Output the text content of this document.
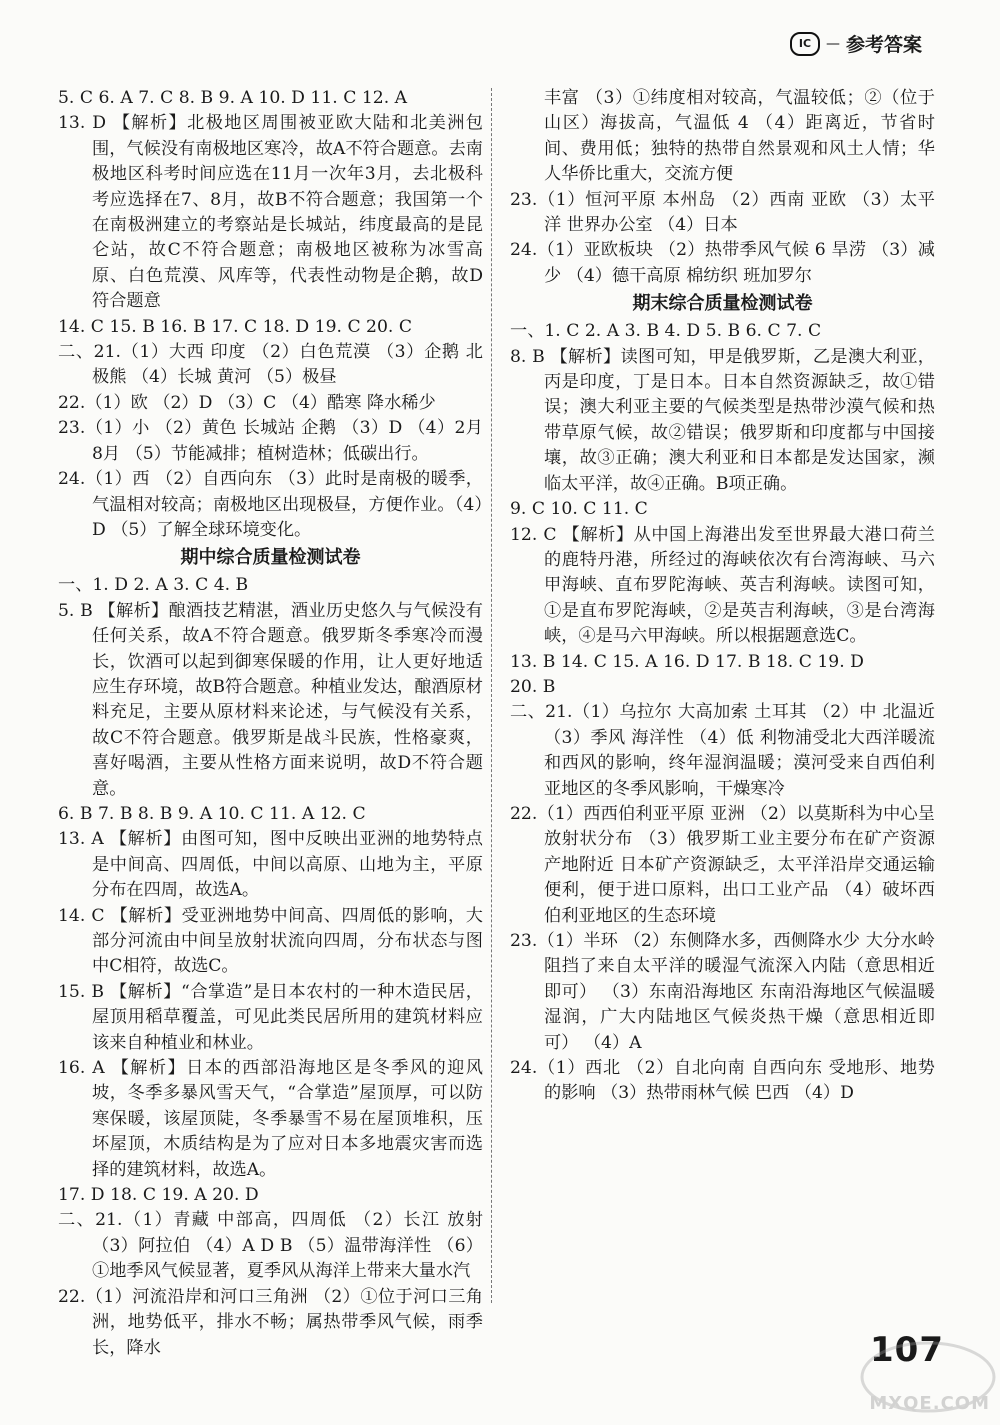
IC	— 参考答案

5. C 6. A 7. C 8. B 9. A 10. D 11. C 12. A

13. D 【解析】北极地区周围被亚欧大陆和北美洲包围，气候没有南极地区寒冷，故A不符合题意。去南极地区科考时间应选在11月一次年3月，去北极科考应选择在7、8月，故B不符合题意；我国第一个在南极洲建立的考察站是长城站，纬度最高的是昆仑站，故C不符合题意；南极地区被称为冰雪高原、白色荒漠、风库等，代表性动物是企鹅，故D符合题意

14. C 15. B 16. B 17. C 18. D 19. C 20. C

二、21.（1）大西 印度 （2）白色荒漠 （3）企鹅 北极熊 （4）长城 黄河 （5）极昼

22.（1）欧 （2）D （3）C （4）酷寒 降水稀少

23.（1）小 （2）黄色 长城站 企鹅 （3）D （4）2月 8月 （5）节能减排；植树造林；低碳出行。

24.（1）西 （2）自西向东 （3）此时是南极的暖季，气温相对较高；南极地区出现极昼，方便作业。（4）D （5）了解全球环境变化。

期中综合质量检测试卷

一、1. D 2. A 3. C 4. B

5. B 【解析】酿酒技艺精湛，酒业历史悠久与气候没有任何关系，故A不符合题意。俄罗斯冬季寒冷而漫长，饮酒可以起到御寒保暖的作用，让人更好地适应生存环境，故B符合题意。种植业发达，酿酒原材料充足，主要从原材料来论述，与气候没有关系，故C不符合题意。俄罗斯是战斗民族，性格豪爽，喜好喝酒，主要从性格方面来说明，故D不符合题意。

6. B 7. B 8. B 9. A 10. C 11. A 12. C

13. A 【解析】由图可知，图中反映出亚洲的地势特点是中间高、四周低，中间以高原、山地为主，平原分布在四周，故选A。

14. C 【解析】受亚洲地势中间高、四周低的影响，大部分河流由中间呈放射状流向四周，分布状态与图中C相符，故选C。

15. B 【解析】“合掌造”是日本农村的一种木造民居，屋顶用稻草覆盖，可见此类民居所用的建筑材料应该来自种植业和林业。

16. A 【解析】日本的西部沿海地区是冬季风的迎风坡，冬季多暴风雪天气，“合掌造”屋顶厚，可以防寒保暖，该屋顶陡，冬季暴雪不易在屋顶堆积，压坏屋顶，木质结构是为了应对日本多地震灾害而选择的建筑材料，故选A。

17. D 18. C 19. A 20. D

二、21.（1）青藏 中部高，四周低 （2）长江 放射 （3）阿拉伯 （4）A D B （5）温带海洋性 （6）①地季风气候显著，夏季风从海洋上带来大量水汽

22.（1）河流沿岸和河口三角洲 （2）①位于河口三角洲，地势低平，排水不畅；属热带季风气候，雨季长，降水

丰富 （3）①纬度相对较高，气温较低；②（位于山区）海拔高，气温低 4 （4）距离近，节省时间、费用低；独特的热带自然景观和风土人情；华人华侨比重大，交流方便

23.（1）恒河平原 本州岛 （2）西南 亚欧 （3）太平洋 世界办公室 （4）日本

24.（1）亚欧板块 （2）热带季风气候 6 旱涝 （3）减少 （4）德干高原 棉纺织 班加罗尔

期末综合质量检测试卷

一、1. C 2. A 3. B 4. D 5. B 6. C 7. C

8. B 【解析】读图可知，甲是俄罗斯，乙是澳大利亚，丙是印度，丁是日本。日本自然资源缺乏，故①错误；澳大利亚主要的气候类型是热带沙漠气候和热带草原气候，故②错误；俄罗斯和印度都与中国接壤，故③正确；澳大利亚和日本都是发达国家，濒临太平洋，故④正确。B项正确。

9. C 10. C 11. C

12. C 【解析】从中国上海港出发至世界最大港口荷兰的鹿特丹港，所经过的海峡依次有台湾海峡、马六甲海峡、直布罗陀海峡、英吉利海峡。读图可知，①是直布罗陀海峡，②是英吉利海峡，③是台湾海峡，④是马六甲海峡。所以根据题意选C。

13. B 14. C 15. A 16. D 17. B 18. C 19. D

20. B

二、21.（1）乌拉尔 大高加索 土耳其 （2）中 北温近 （3）季风 海洋性 （4）低 利物浦受北大西洋暖流和西风的影响，终年湿润温暖；漠河受来自西伯利亚地区的冬季风影响，干燥寒冷

22.（1）西西伯利亚平原 亚洲 （2）以莫斯科为中心呈放射状分布 （3）俄罗斯工业主要分布在矿产资源产地附近 日本矿产资源缺乏，太平洋沿岸交通运输便利，便于进口原料，出口工业产品 （4）破坏西伯利亚地区的生态环境

23.（1）半环 （2）东侧降水多，西侧降水少 大分水岭阻挡了来自太平洋的暖湿气流深入内陆（意思相近即可） （3）东南沿海地区 东南沿海地区气候温暖湿润，广大内陆地区气候炎热干燥（意思相近即可） （4）A

24.（1）西北 （2）自北向南 自西向东 受地形、地势的影响 （3）热带雨林气候 巴西 （4）D

107
MXQE.COM
